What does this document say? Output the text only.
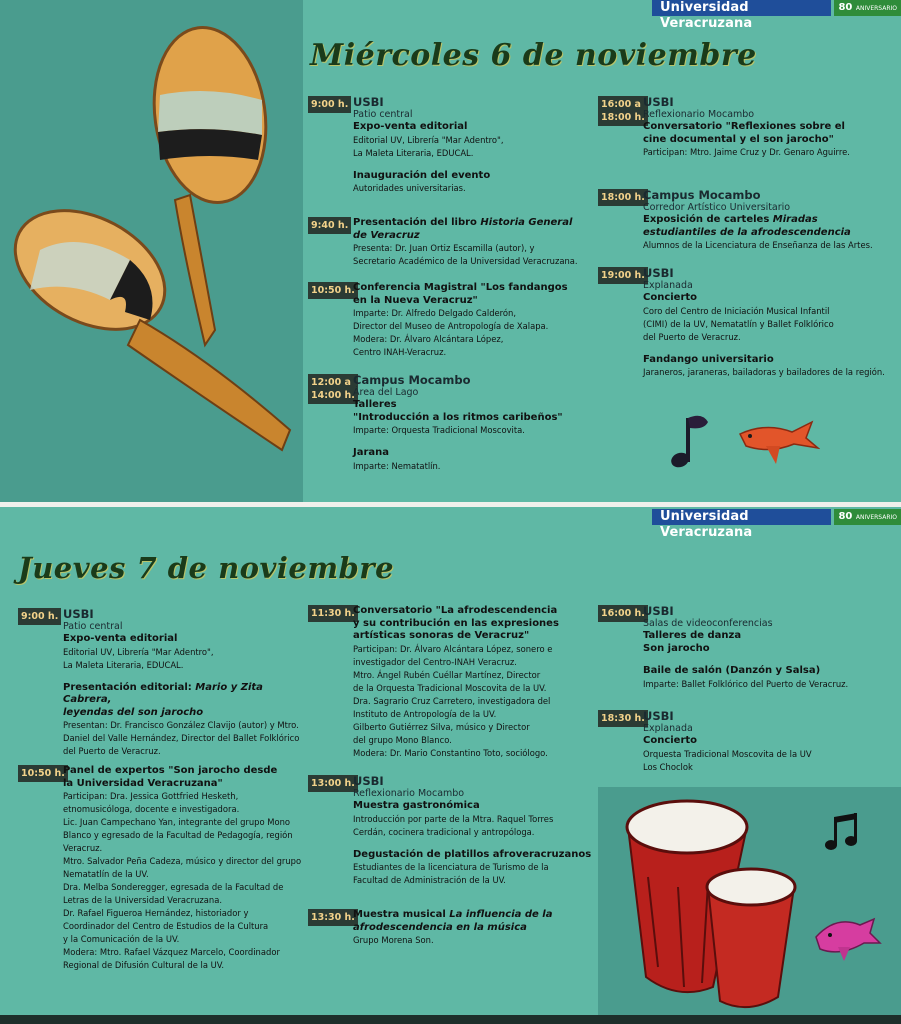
Universidad Veracruzana
80 ANIVERSARIO
Miércoles 6 de noviembre
9:00 h. USBI
Patio central
Expo-venta editorial
Editorial UV, Librería "Mar Adentro",
La Maleta Literaria, EDUCAL.
Inauguración del evento
Autoridades universitarias.
9:40 h. Presentación del libro Historia General
de Veracruz
Presenta: Dr. Juan Ortiz Escamilla (autor), y
Secretario Académico de la Universidad Veracruzana.
10:50 h.
Conferencia Magistral "Los fandangos
en la Nueva Veracruz"
Imparte: Dr. Alfredo Delgado Calderón,
Director del Museo de Antropología de Xalapa.
Modera: Dr. Álvaro Alcántara López,
Centro INAH-Veracruz.
12:00 a
14:00 h.
Campus Mocambo
Área del Lago
Talleres
"Introducción a los ritmos caribeños"
Imparte: Orquesta Tradicional Moscovita.
Jarana
Imparte: Nematatlín.
16:00 a
18:00 h.
USBI
Reflexionario Mocambo
Conversatorio "Reflexiones sobre el
cine documental y el son jarocho"
Participan: Mtro. Jaime Cruz y Dr. Genaro Aguirre.
18:00 h.
Campus Mocambo
Corredor Artístico Universitario
Exposición de carteles Miradas
estudiantiles de la afrodescendencia
Alumnos de la Licenciatura de Enseñanza de las Artes.
19:00 h.
USBI
Explanada
Concierto
Coro del Centro de Iniciación Musical Infantil
(CIMI) de la UV, Nematatlín y Ballet Folklórico
del Puerto de Veracruz.
Fandango universitario
Jaraneros, jaraneras, bailadoras y bailadores de la región.
Universidad Veracruzana
80 ANIVERSARIO
Jueves 7 de noviembre
9:00 h. USBI
Patio central
Expo-venta editorial
Editorial UV, Librería "Mar Adentro",
La Maleta Literaria, EDUCAL.
Presentación editorial: Mario y Zita Cabrera,
leyendas del son jarocho
Presentan: Dr. Francisco González Clavijo (autor) y Mtro.
Daniel del Valle Hernández, Director del Ballet Folklórico
del Puerto de Veracruz.
10:50 h.
Panel de expertos "Son jarocho desde
la Universidad Veracruzana"
Participan: Dra. Jessica Gottfried Hesketh,
etnomusicóloga, docente e investigadora.
Lic. Juan Campechano Yan, integrante del grupo Mono
Blanco y egresado de la Facultad de Pedagogía, región
Veracruz.
Mtro. Salvador Peña Cadeza, músico y director del grupo
Nematatlín de la UV.
Dra. Melba Sonderegger, egresada de la Facultad de
Letras de la Universidad Veracruzana.
Dr. Rafael Figueroa Hernández, historiador y
Coordinador del Centro de Estudios de la Cultura
y la Comunicación de la UV.
Modera: Mtro. Rafael Vázquez Marcelo, Coordinador
Regional de Difusión Cultural de la UV.
11:30 h.
Conversatorio "La afrodescendencia
y su contribución en las expresiones
artísticas sonoras de Veracruz"
Participan: Dr. Álvaro Alcántara López, sonero e
investigador del Centro-INAH Veracruz.
Mtro. Ángel Rubén Cuéllar Martínez, Director
de la Orquesta Tradicional Moscovita de la UV.
Dra. Sagrario Cruz Carretero, investigadora del
Instituto de Antropología de la UV.
Gilberto Gutiérrez Silva, músico y Director
del grupo Mono Blanco.
Modera: Dr. Mario Constantino Toto, sociólogo.
13:00 h.
USBI
Reflexionario Mocambo
Muestra gastronómica
Introducción por parte de la Mtra. Raquel Torres
Cerdán, cocinera tradicional y antropóloga.
Degustación de platillos afroveracruzanos
Estudiantes de la licenciatura de Turismo de la
Facultad de Administración de la UV.
13:30 h.
Muestra musical La influencia de la
afrodescendencia en la música
Grupo Morena Son.
16:00 h.
USBI
Salas de videoconferencias
Talleres de danza
Son jarocho
Baile de salón (Danzón y Salsa)
Imparte: Ballet Folklórico del Puerto de Veracruz.
18:30 h.
USBI
Explanada
Concierto
Orquesta Tradicional Moscovita de la UV
Los Choclok
